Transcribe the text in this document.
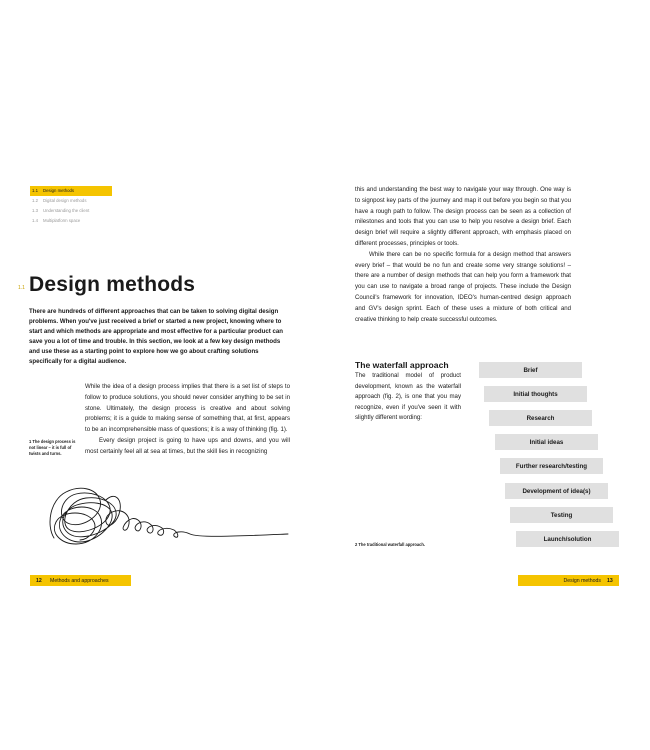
1.1	Design methods
1.2	Digital design methods
1.3	Understanding the client
1.4	Multiplatform space
1.1 Design methods
There are hundreds of different approaches that can be taken to solving digital design problems. When you've just received a brief or started a new project, knowing where to start and which methods are appropriate and most effective for a particular product can save you a lot of time and trouble. In this section, we look at a few key design methods and use these as a starting point to explore how we go about crafting solutions specifically for a digital audience.

While the idea of a design process implies that there is a set list of steps to follow to produce solutions, you should never consider anything to be set in stone. Ultimately, the design process is creative and about solving problems; it is a guide to making sense of something that, at first, appears to be an incomprehensible mass of questions; it is a way of thinking (fig. 1).

Every design project is going to have ups and downs, and you will most certainly feel all at sea at times, but the skill lies in recognizing

1 The design process is not linear – it is full of twists and turns.

this and understanding the best way to navigate your way through. One way is to signpost key parts of the journey and map it out before you begin so that you have a rough path to follow. The design process can be seen as a collection of milestones and tools that you can use to help you resolve a design brief. Each design brief will require a slightly different approach, with emphasis placed on different processes, principles or tools.

While there can be no specific formula for a design method that answers every brief – that would be no fun and create some very strange solutions! – there are a number of design methods that can help you form a framework that you can use to navigate a broad range of projects. These include the Design Council's framework for innovation, IDEO's human-centred design approach and GV's design sprint. Each of these uses a mixture of both critical and creative thinking to help create successful outcomes.

The waterfall approach
The traditional model of product development, known as the waterfall approach (fig. 2), is one that you may recognize, even if you've seen it with slightly different wording:
Brief
Initial thoughts
Research
Initial ideas
Further research/testing
Development of idea(s)
Testing
Launch/solution
2 The traditional waterfall approach.
12	Methods and approaches	Design methods	13
